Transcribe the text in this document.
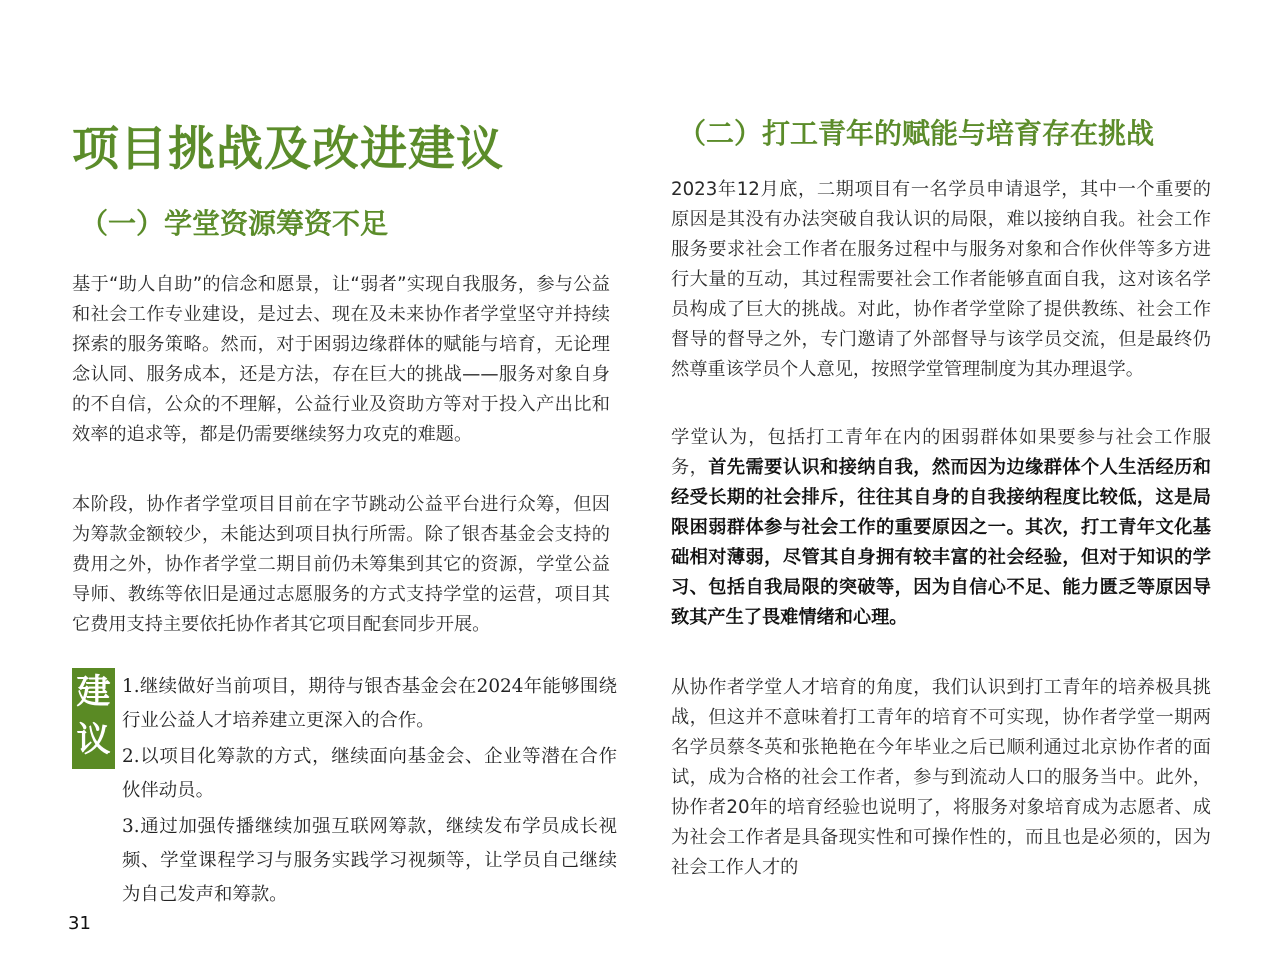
项目挑战及改进建议
（一）学堂资源筹资不足

基于“助人自助”的信念和愿景，让“弱者”实现自我服务，参与公益和社会工作专业建设，是过去、现在及未来协作者学堂坚守并持续探索的服务策略。然而，对于困弱边缘群体的赋能与培育，无论理念认同、服务成本，还是方法，存在巨大的挑战——服务对象自身的不自信，公众的不理解，公益行业及资助方等对于投入产出比和效率的追求等，都是仍需要继续努力攻克的难题。

本阶段，协作者学堂项目目前在字节跳动公益平台进行众筹，但因为筹款金额较少，未能达到项目执行所需。除了银杏基金会支持的费用之外，协作者学堂二期目前仍未筹集到其它的资源，学堂公益导师、教练等依旧是通过志愿服务的方式支持学堂的运营，项目其它费用支持主要依托协作者其它项目配套同步开展。

建
议
1.继续做好当前项目，期待与银杏基金会在2024年能够围绕行业公益人才培养建立更深入的合作。
2.以项目化筹款的方式，继续面向基金会、企业等潜在合作伙伴动员。
3.通过加强传播继续加强互联网筹款，继续发布学员成长视频、学堂课程学习与服务实践学习视频等，让学员自己继续为自己发声和筹款。
31
（二）打工青年的赋能与培育存在挑战

2023年12月底，二期项目有一名学员申请退学，其中一个重要的原因是其没有办法突破自我认识的局限，难以接纳自我。社会工作服务要求社会工作者在服务过程中与服务对象和合作伙伴等多方进行大量的互动，其过程需要社会工作者能够直面自我，这对该名学员构成了巨大的挑战。对此，协作者学堂除了提供教练、社会工作督导的督导之外，专门邀请了外部督导与该学员交流，但是最终仍然尊重该学员个人意见，按照学堂管理制度为其办理退学。

学堂认为，包括打工青年在内的困弱群体如果要参与社会工作服务，首先需要认识和接纳自我，然而因为边缘群体个人生活经历和经受长期的社会排斥，往往其自身的自我接纳程度比较低，这是局限困弱群体参与社会工作的重要原因之一。其次，打工青年文化基础相对薄弱，尽管其自身拥有较丰富的社会经验，但对于知识的学习、包括自我局限的突破等，因为自信心不足、能力匮乏等原因导致其产生了畏难情绪和心理。

从协作者学堂人才培育的角度，我们认识到打工青年的培养极具挑战，但这并不意味着打工青年的培育不可实现，协作者学堂一期两名学员蔡冬英和张艳艳在今年毕业之后已顺利通过北京协作者的面试，成为合格的社会工作者，参与到流动人口的服务当中。此外，协作者20年的培育经验也说明了，将服务对象培育成为志愿者、成为社会工作者是具备现实性和可操作性的，而且也是必须的，因为社会工作人才的
